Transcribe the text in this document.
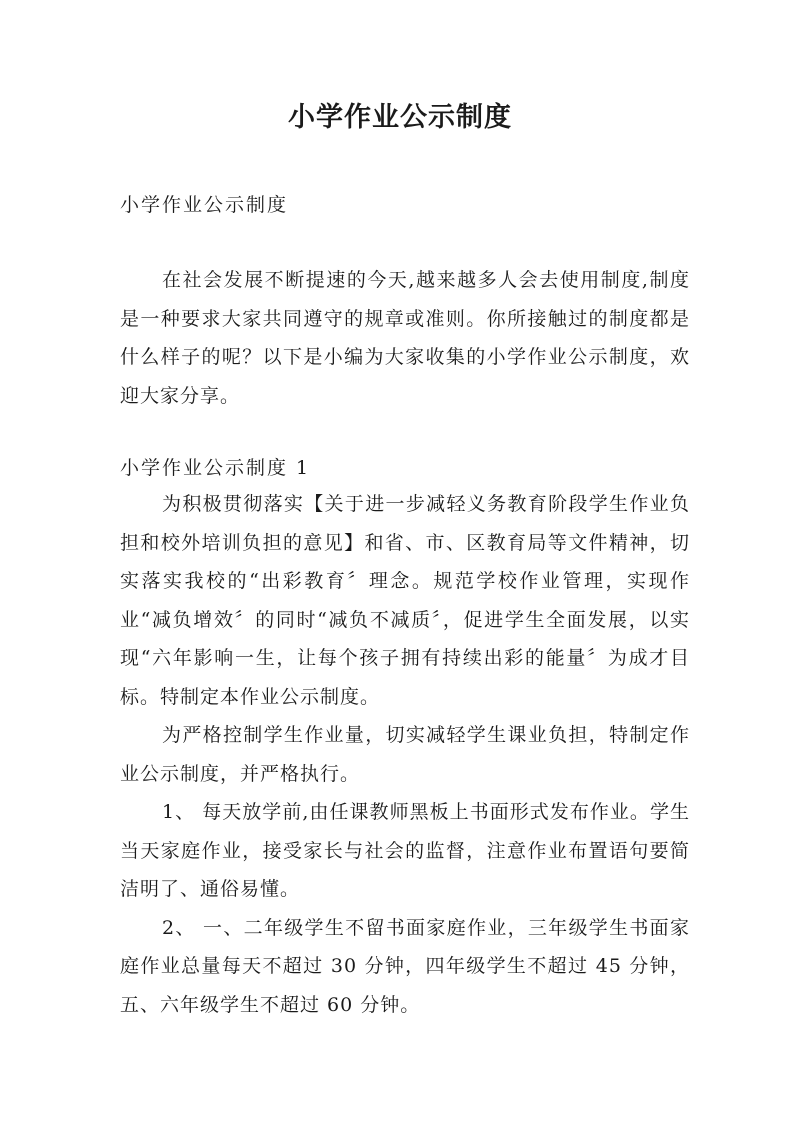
小学作业公示制度

小学作业公示制度

在社会发展不断提速的今天,越来越多人会去使用制度,制度是一种要求大家共同遵守的规章或准则。你所接触过的制度都是什么样子的呢？以下是小编为大家收集的小学作业公示制度，欢迎大家分享。

小学作业公示制度 1

为积极贯彻落实【关于进一步减轻义务教育阶段学生作业负担和校外培训负担的意见】和省、市、区教育局等文件精神，切实落实我校的“出彩教育〞理念。规范学校作业管理，实现作业“减负增效〞的同时“减负不减质〞，促进学生全面发展，以实现“六年影响一生，让每个孩子拥有持续出彩的能量〞为成才目标。特制定本作业公示制度。

为严格控制学生作业量，切实减轻学生课业负担，特制定作业公示制度，并严格执行。

1、 每天放学前,由任课教师黑板上书面形式发布作业。学生当天家庭作业，接受家长与社会的监督，注意作业布置语句要简洁明了、通俗易懂。

2、 一、二年级学生不留书面家庭作业，三年级学生书面家庭作业总量每天不超过 30 分钟，四年级学生不超过 45 分钟，五、六年级学生不超过 60 分钟。
